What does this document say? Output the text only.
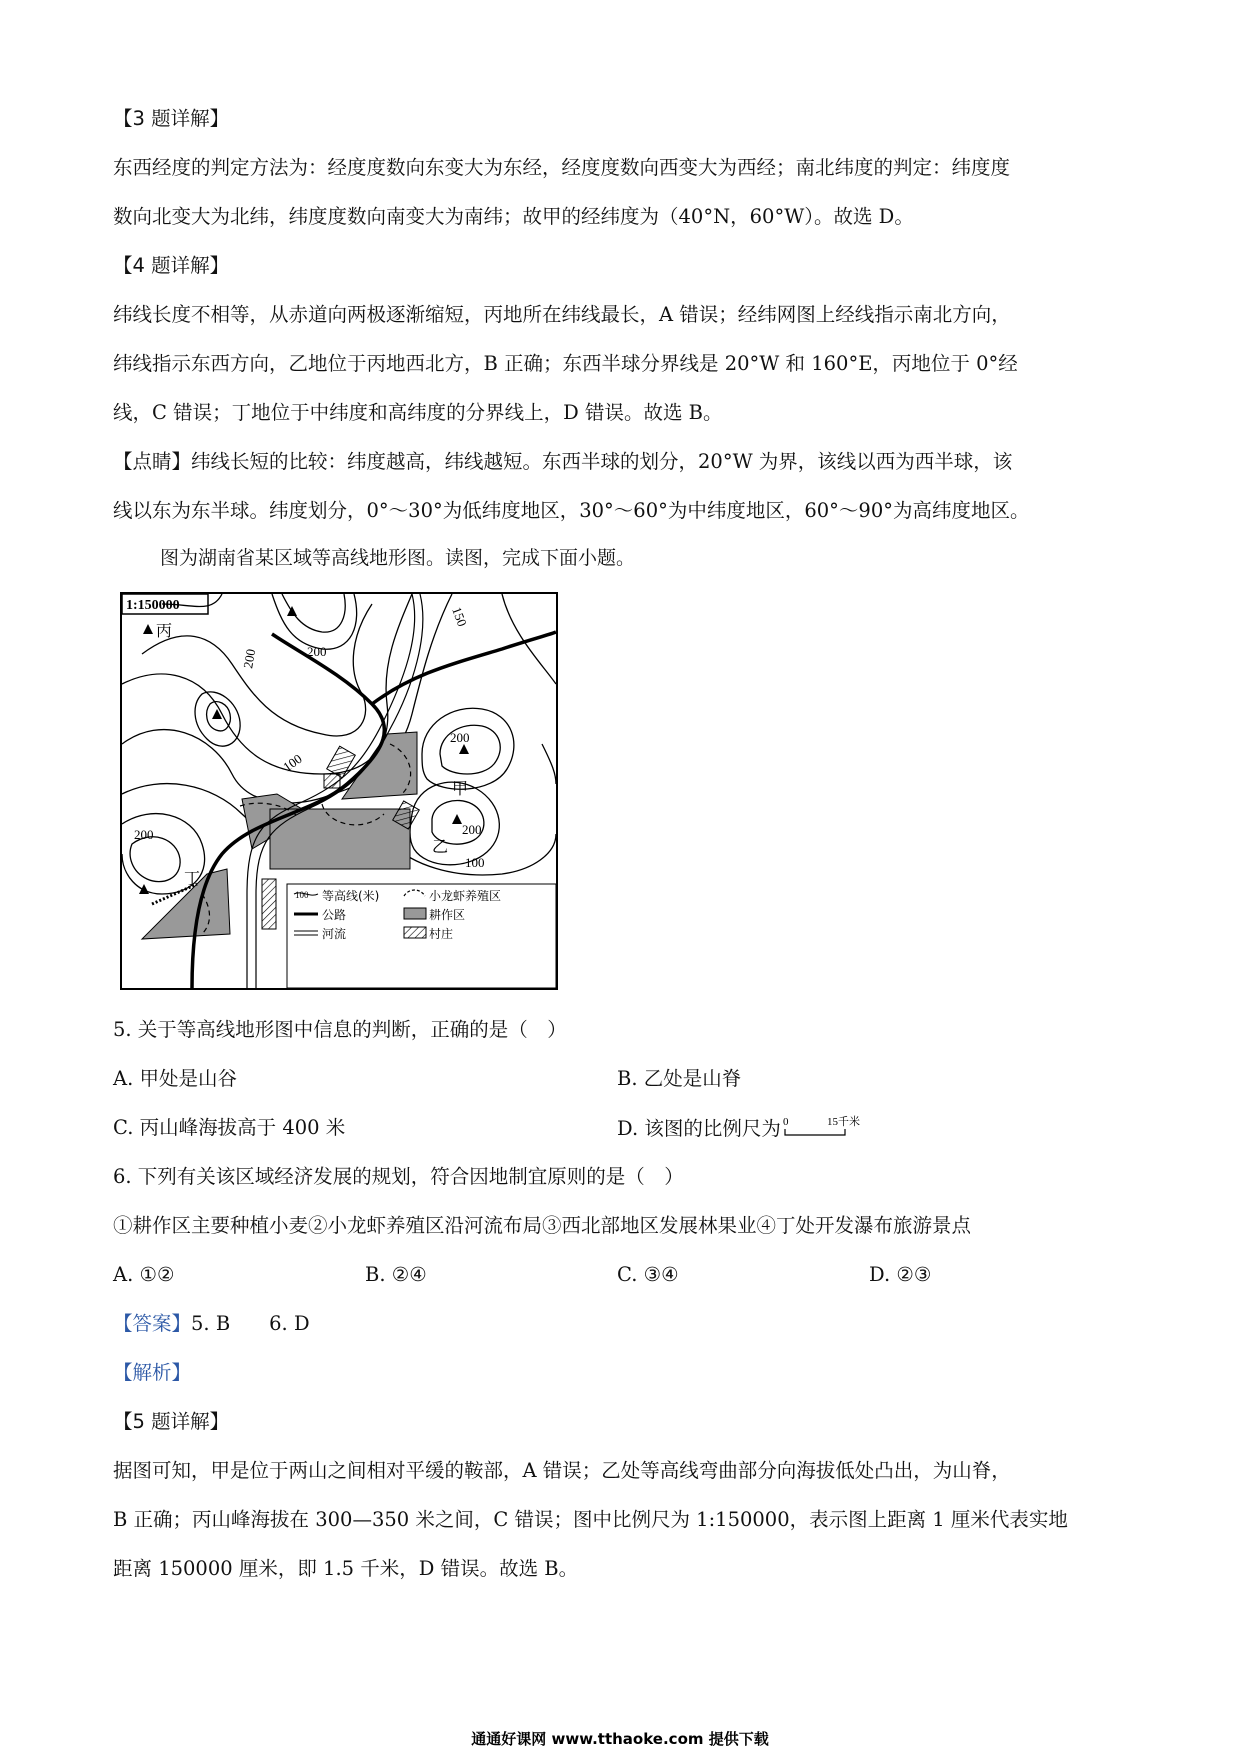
【3 题详解】
东西经度的判定方法为：经度度数向东变大为东经，经度度数向西变大为西经；南北纬度的判定：纬度度
数向北变大为北纬，纬度度数向南变大为南纬；故甲的经纬度为（40°N，60°W）。故选 D。
【4 题详解】
纬线长度不相等，从赤道向两极逐渐缩短，丙地所在纬线最长，A 错误；经纬网图上经线指示南北方向，
纬线指示东西方向，乙地位于丙地西北方，B 正确；东西半球分界线是 20°W 和 160°E，丙地位于 0°经
线，C 错误；丁地位于中纬度和高纬度的分界线上，D 错误。故选 B。
【点睛】纬线长短的比较：纬度越高，纬线越短。东西半球的划分，20°W 为界，该线以西为西半球，该
线以东为东半球。纬度划分，0°～30°为低纬度地区，30°～60°为中纬度地区，60°～90°为高纬度地区。
图为湖南省某区域等高线地形图。读图，完成下面小题。
1:150000
丙
甲
乙
丁
200
200
150
100
200
200
100
200
100 等高线(米)	小龙虾养殖区
公路	耕作区
河流	村庄
5. 关于等高线地形图中信息的判断，正确的是（　）
A. 甲处是山谷	B. 乙处是山脊
C. 丙山峰海拔高于 400 米	D. 该图的比例尺为 0	15千米
6. 下列有关该区域经济发展的规划，符合因地制宜原则的是（　）
①耕作区主要种植小麦②小龙虾养殖区沿河流布局③西北部地区发展林果业④丁处开发瀑布旅游景点
A. ①②	B. ②④	C. ③④	D. ②③
【答案】5. B　　6. D
【解析】
【5 题详解】
据图可知，甲是位于两山之间相对平缓的鞍部，A 错误；乙处等高线弯曲部分向海拔低处凸出，为山脊，
B 正确；丙山峰海拔在 300—350 米之间，C 错误；图中比例尺为 1:150000，表示图上距离 1 厘米代表实地
距离 150000 厘米，即 1.5 千米，D 错误。故选 B。
通通好课网 www.tthaoke.com 提供下载
